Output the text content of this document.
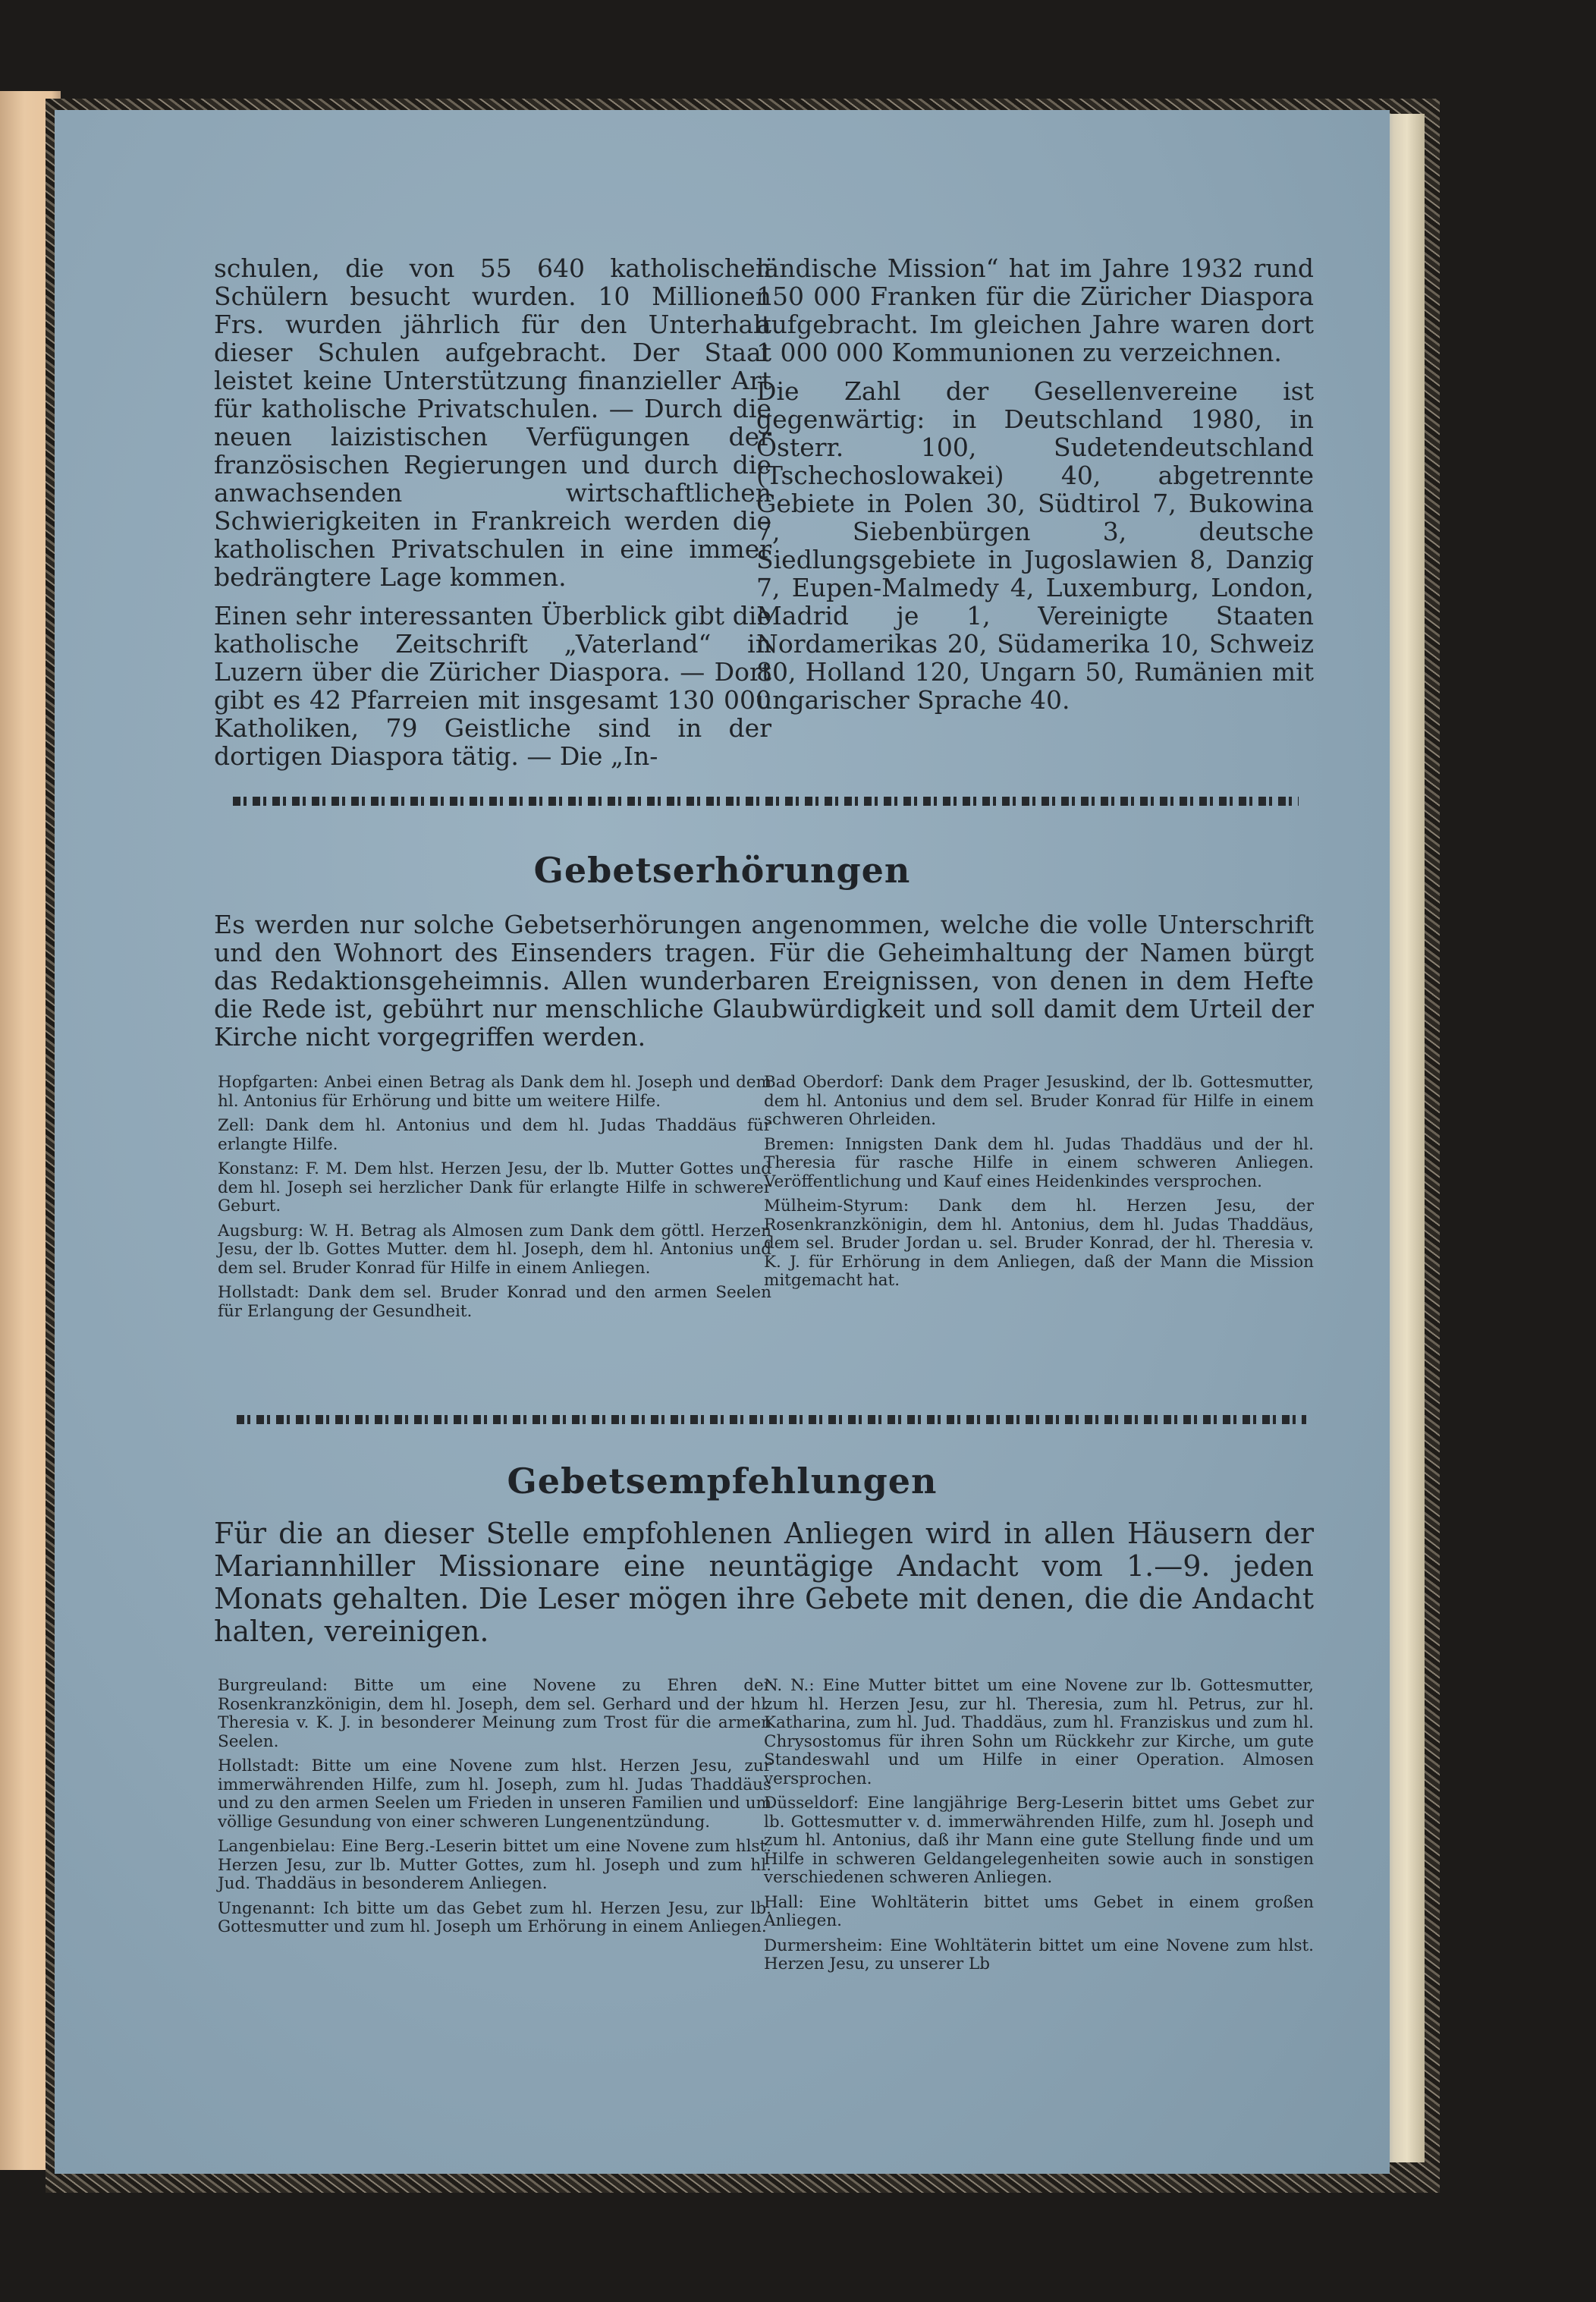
schulen, die von 55 640 katholischen Schülern besucht wurden. 10 Millionen Frs. wurden jährlich für den Unterhalt dieser Schulen aufgebracht. Der Staat leistet keine Unterstützung finanzieller Art für katholische Privatschulen. — Durch die neuen laizistischen Verfügungen der französischen Regierungen und durch die anwachsenden wirtschaftlichen Schwierigkeiten in Frankreich werden die katholischen Privatschulen in eine immer bedrängtere Lage kommen.

Einen sehr interessanten Überblick gibt die katholische Zeitschrift „Vaterland“ in Luzern über die Züricher Diaspora. — Dort gibt es 42 Pfarreien mit insgesamt 130 000 Katholiken, 79 Geistliche sind in der dortigen Diaspora tätig. — Die „In-

ländische Mission“ hat im Jahre 1932 rund 150 000 Franken für die Züricher Diaspora aufgebracht. Im gleichen Jahre waren dort 1 000 000 Kommunionen zu verzeichnen.

Die Zahl der Gesellenvereine ist gegenwärtig: in Deutschland 1980, in Österr. 100, Sudetendeutschland (Tschechoslowakei) 40, abgetrennte Gebiete in Polen 30, Südtirol 7, Bukowina 7, Siebenbürgen 3, deutsche Siedlungsgebiete in Jugoslawien 8, Danzig 7, Eupen-Malmedy 4, Luxemburg, London, Madrid je 1, Vereinigte Staaten Nordamerikas 20, Südamerika 10, Schweiz 80, Holland 120, Ungarn 50, Rumänien mit ungarischer Sprache 40.

Gebetserhörungen
Es werden nur solche Gebetserhörungen angenommen, welche die volle Unterschrift und den Wohnort des Einsenders tragen. Für die Geheimhaltung der Namen bürgt das Redaktionsgeheimnis. Allen wunderbaren Ereignissen, von denen in dem Hefte die Rede ist, gebührt nur menschliche Glaubwürdigkeit und soll damit dem Urteil der Kirche nicht vorgegriffen werden.

Hopfgarten: Anbei einen Betrag als Dank dem hl. Joseph und dem hl. Antonius für Erhörung und bitte um weitere Hilfe.

Zell: Dank dem hl. Antonius und dem hl. Judas Thaddäus für erlangte Hilfe.

Konstanz: F. M. Dem hlst. Herzen Jesu, der lb. Mutter Gottes und dem hl. Joseph sei herzlicher Dank für erlangte Hilfe in schwerer Geburt.

Augsburg: W. H. Betrag als Almosen zum Dank dem göttl. Herzen Jesu, der lb. Gottes Mutter. dem hl. Joseph, dem hl. Antonius und dem sel. Bruder Konrad für Hilfe in einem Anliegen.

Hollstadt: Dank dem sel. Bruder Konrad und den armen Seelen für Erlangung der Gesundheit.

Bad Oberdorf: Dank dem Prager Jesuskind, der lb. Gottesmutter, dem hl. Antonius und dem sel. Bruder Konrad für Hilfe in einem schweren Ohrleiden.

Bremen: Innigsten Dank dem hl. Judas Thaddäus und der hl. Theresia für rasche Hilfe in einem schweren Anliegen. Veröffentlichung und Kauf eines Heidenkindes versprochen.

Mülheim-Styrum: Dank dem hl. Herzen Jesu, der Rosenkranzkönigin, dem hl. Antonius, dem hl. Judas Thaddäus, dem sel. Bruder Jordan u. sel. Bruder Konrad, der hl. Theresia v. K. J. für Erhörung in dem Anliegen, daß der Mann die Mission mitgemacht hat.

Gebetsempfehlungen
Für die an dieser Stelle empfohlenen Anliegen wird in allen Häusern der Mariannhiller Missionare eine neuntägige Andacht vom 1.—9. jeden Monats gehalten. Die Leser mögen ihre Gebete mit denen, die die Andacht halten, vereinigen.

Burgreuland: Bitte um eine Novene zu Ehren der Rosenkranzkönigin, dem hl. Joseph, dem sel. Gerhard und der hl. Theresia v. K. J. in besonderer Meinung zum Trost für die armen Seelen.

Hollstadt: Bitte um eine Novene zum hlst. Herzen Jesu, zur immerwährenden Hilfe, zum hl. Joseph, zum hl. Judas Thaddäus und zu den armen Seelen um Frieden in unseren Familien und um völlige Gesundung von einer schweren Lungenentzündung.

Langenbielau: Eine Berg.-Leserin bittet um eine Novene zum hlst. Herzen Jesu, zur lb. Mutter Gottes, zum hl. Joseph und zum hl. Jud. Thaddäus in besonderem Anliegen.

Ungenannt: Ich bitte um das Gebet zum hl. Herzen Jesu, zur lb. Gottesmutter und zum hl. Joseph um Erhörung in einem Anliegen.

N. N.: Eine Mutter bittet um eine Novene zur lb. Gottesmutter, zum hl. Herzen Jesu, zur hl. Theresia, zum hl. Petrus, zur hl. Katharina, zum hl. Jud. Thaddäus, zum hl. Franziskus und zum hl. Chrysostomus für ihren Sohn um Rückkehr zur Kirche, um gute Standeswahl und um Hilfe in einer Operation. Almosen versprochen.

Düsseldorf: Eine langjährige Berg-Leserin bittet ums Gebet zur lb. Gottesmutter v. d. immerwährenden Hilfe, zum hl. Joseph und zum hl. Antonius, daß ihr Mann eine gute Stellung finde und um Hilfe in schweren Geldangelegenheiten sowie auch in sonstigen verschiedenen schweren Anliegen.

Hall: Eine Wohltäterin bittet ums Gebet in einem großen Anliegen.

Durmersheim: Eine Wohltäterin bittet um eine Novene zum hlst. Herzen Jesu, zu unserer Lb
